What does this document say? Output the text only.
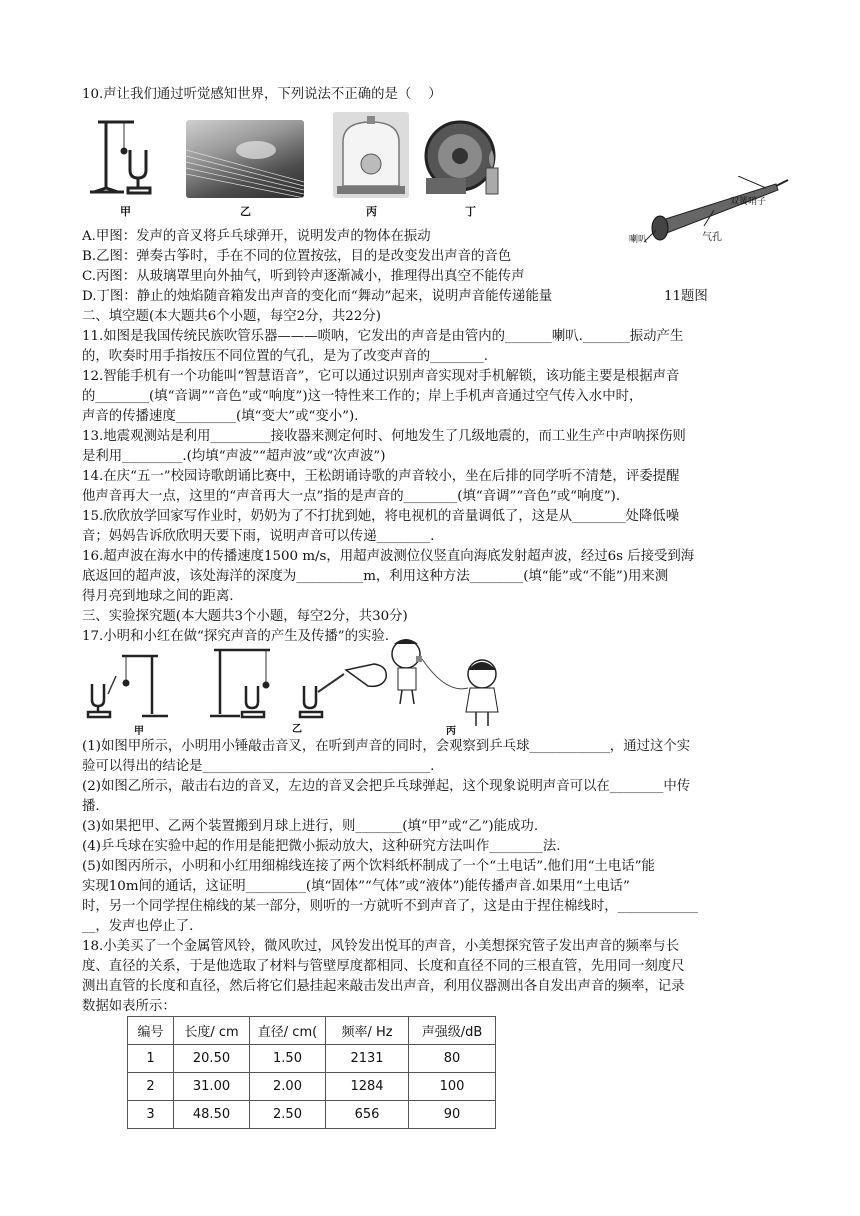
10.声让我们通过听觉感知世界，下列说法不正确的是（    ）
甲	乙	丙	丁
双簧哨子
喇叭	气孔
A.甲图：发声的音叉将乒乓球弹开，说明发声的物体在振动
B.乙图：弹奏古筝时，手在不同的位置按弦，目的是改变发出声音的音色
C.丙图：从玻璃罩里向外抽气，听到铃声逐渐减小，推理得出真空不能传声
D.丁图：静止的烛焰随音箱发出声音的变化而“舞动”起来，说明声音能传递能量	11题图
二、填空题(本大题共6个小题，每空2分，共22分)
11.如图是我国传统民族吹管乐器———唢呐，它发出的声音是由管内的_______喇叭._______振动产生
的，吹奏时用手指按压不同位置的气孔，是为了改变声音的________.
12.智能手机有一个功能叫“智慧语音”，它可以通过识别声音实现对手机解锁，该功能主要是根据声音
的________(填“音调”“音色”或“响度”)这一特性来工作的；岸上手机声音通过空气传入水中时，
声音的传播速度_________(填“变大”或“变小”).
13.地震观测站是利用_________接收器来测定何时、何地发生了几级地震的，而工业生产中声呐探伤则
是利用_________.(均填“声波”“超声波”或“次声波”)
14.在庆“五一”校园诗歌朗诵比赛中，王松朗诵诗歌的声音较小，坐在后排的同学听不清楚，评委提醒
他声音再大一点，这里的“声音再大一点”指的是声音的________(填“音调”“音色”或“响度”).
15.欣欣放学回家写作业时，奶奶为了不打扰到她，将电视机的音量调低了，这是从________处降低噪
音；妈妈告诉欣欣明天要下雨，说明声音可以传递________.
16.超声波在海水中的传播速度1500 m/s，用超声波测位仪竖直向海底发射超声波，经过6s 后接受到海
底返回的超声波，该处海洋的深度为__________m，利用这种方法________(填“能”或“不能”)用来测
得月亮到地球之间的距离.
三、实验探究题(本大题共3个小题，每空2分，共30分)
17.小明和小红在做“探究声音的产生及传播”的实验.
甲	乙	丙
(1)如图甲所示，小明用小锤敲击音叉，在听到声音的同时，会观察到乒乓球____________，通过这个实
验可以得出的结论是__________________________________.
(2)如图乙所示，敲击右边的音叉，左边的音叉会把乒乓球弹起，这个现象说明声音可以在________中传
播.
(3)如果把甲、乙两个装置搬到月球上进行，则_______(填“甲”或“乙”)能成功.
(4)乒乓球在实验中起的作用是能把微小振动放大，这种研究方法叫作________法.
(5)如图丙所示，小明和小红用细棉线连接了两个饮料纸杯制成了一个“土电话”.他们用“土电话”能
实现10m间的通话，这证明_________(填“固体”“气体”或“液体”)能传播声音.如果用“土电话”
时，另一个同学捏住棉线的某一部分，则听的一方就听不到声音了，这是由于捏住棉线时，____________
__，发声也停止了.
18.小美买了一个金属管风铃，微风吹过，风铃发出悦耳的声音，小美想探究管子发出声音的频率与长
度、直径的关系，于是他选取了材料与管壁厚度都相同、长度和直径不同的三根直管，先用同一刻度尺
测出直管的长度和直径，然后将它们悬挂起来敲击发出声音，利用仪器测出各自发出声音的频率，记录
数据如表所示：
编号	长度/ cm	直径/ cm(	频率/ Hz	声强级/dB
1	20.50	1.50	2131	80
2	31.00	2.00	1284	100
3	48.50	2.50	656	90
